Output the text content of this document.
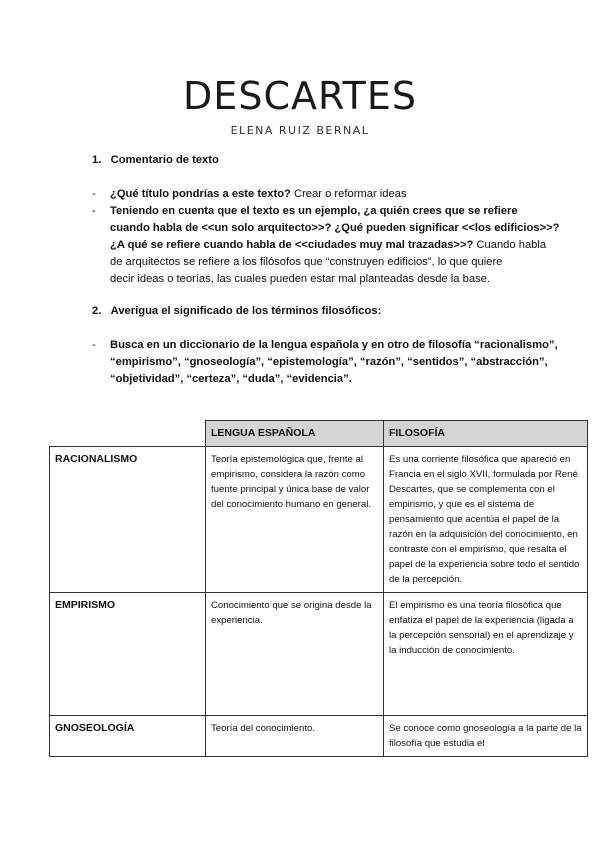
DESCARTES
ELENA RUIZ BERNAL
1. Comentario de texto
- ¿Qué título pondrías a este texto? Crear o reformar ideas
- Teniendo en cuenta que el texto es un ejemplo, ¿a quién crees que se refiere
cuando habla de <<un solo arquitecto>>? ¿Qué pueden significar <<los edificios>>?
¿A qué se refiere cuando habla de <<ciudades muy mal trazadas>>? Cuando habla
de arquitectos se refiere a los filósofos que “construyen edificios”, lo que quiere
decir ideas o teorías, las cuales pueden estar mal planteadas desde la base.
2. Averigua el significado de los términos filosóficos:
- Busca en un diccionario de la lengua española y en otro de filosofía “racionalismo”,
“empirismo”, “gnoseología”, “epistemología”, “razón”, “sentidos”, “abstracción”,
“objetividad”, “certeza”, “duda”, “evidencia”.
	LENGUA ESPAÑOLA	FILOSOFÍA
RACIONALISMO	Teoría epistemológica que, frente al empirismo, considera la razón como fuente principal y única base de valor del conocimiento humano en general.	Es una corriente filosófica que apareció en Francia en el siglo XVII, formulada por René Descartes, que se complementa con el empirismo, y que es el sistema de pensamiento que acentúa el papel de la razón en la adquisición del conocimiento, en contraste con el empirismo, que resalta el papel de la experiencia sobre todo el sentido de la percepción.
EMPIRISMO	Conocimiento que se origina desde la experiencia.	El empirismo es una teoría filosófica que enfatiza el papel de la experiencia (ligada a la percepción sensorial) en el aprendizaje y la inducción de conocimiento.
GNOSEOLOGÍA	Teoría del conocimiento.	Se conoce como gnoseología a la parte de la filosofía que estudia el
